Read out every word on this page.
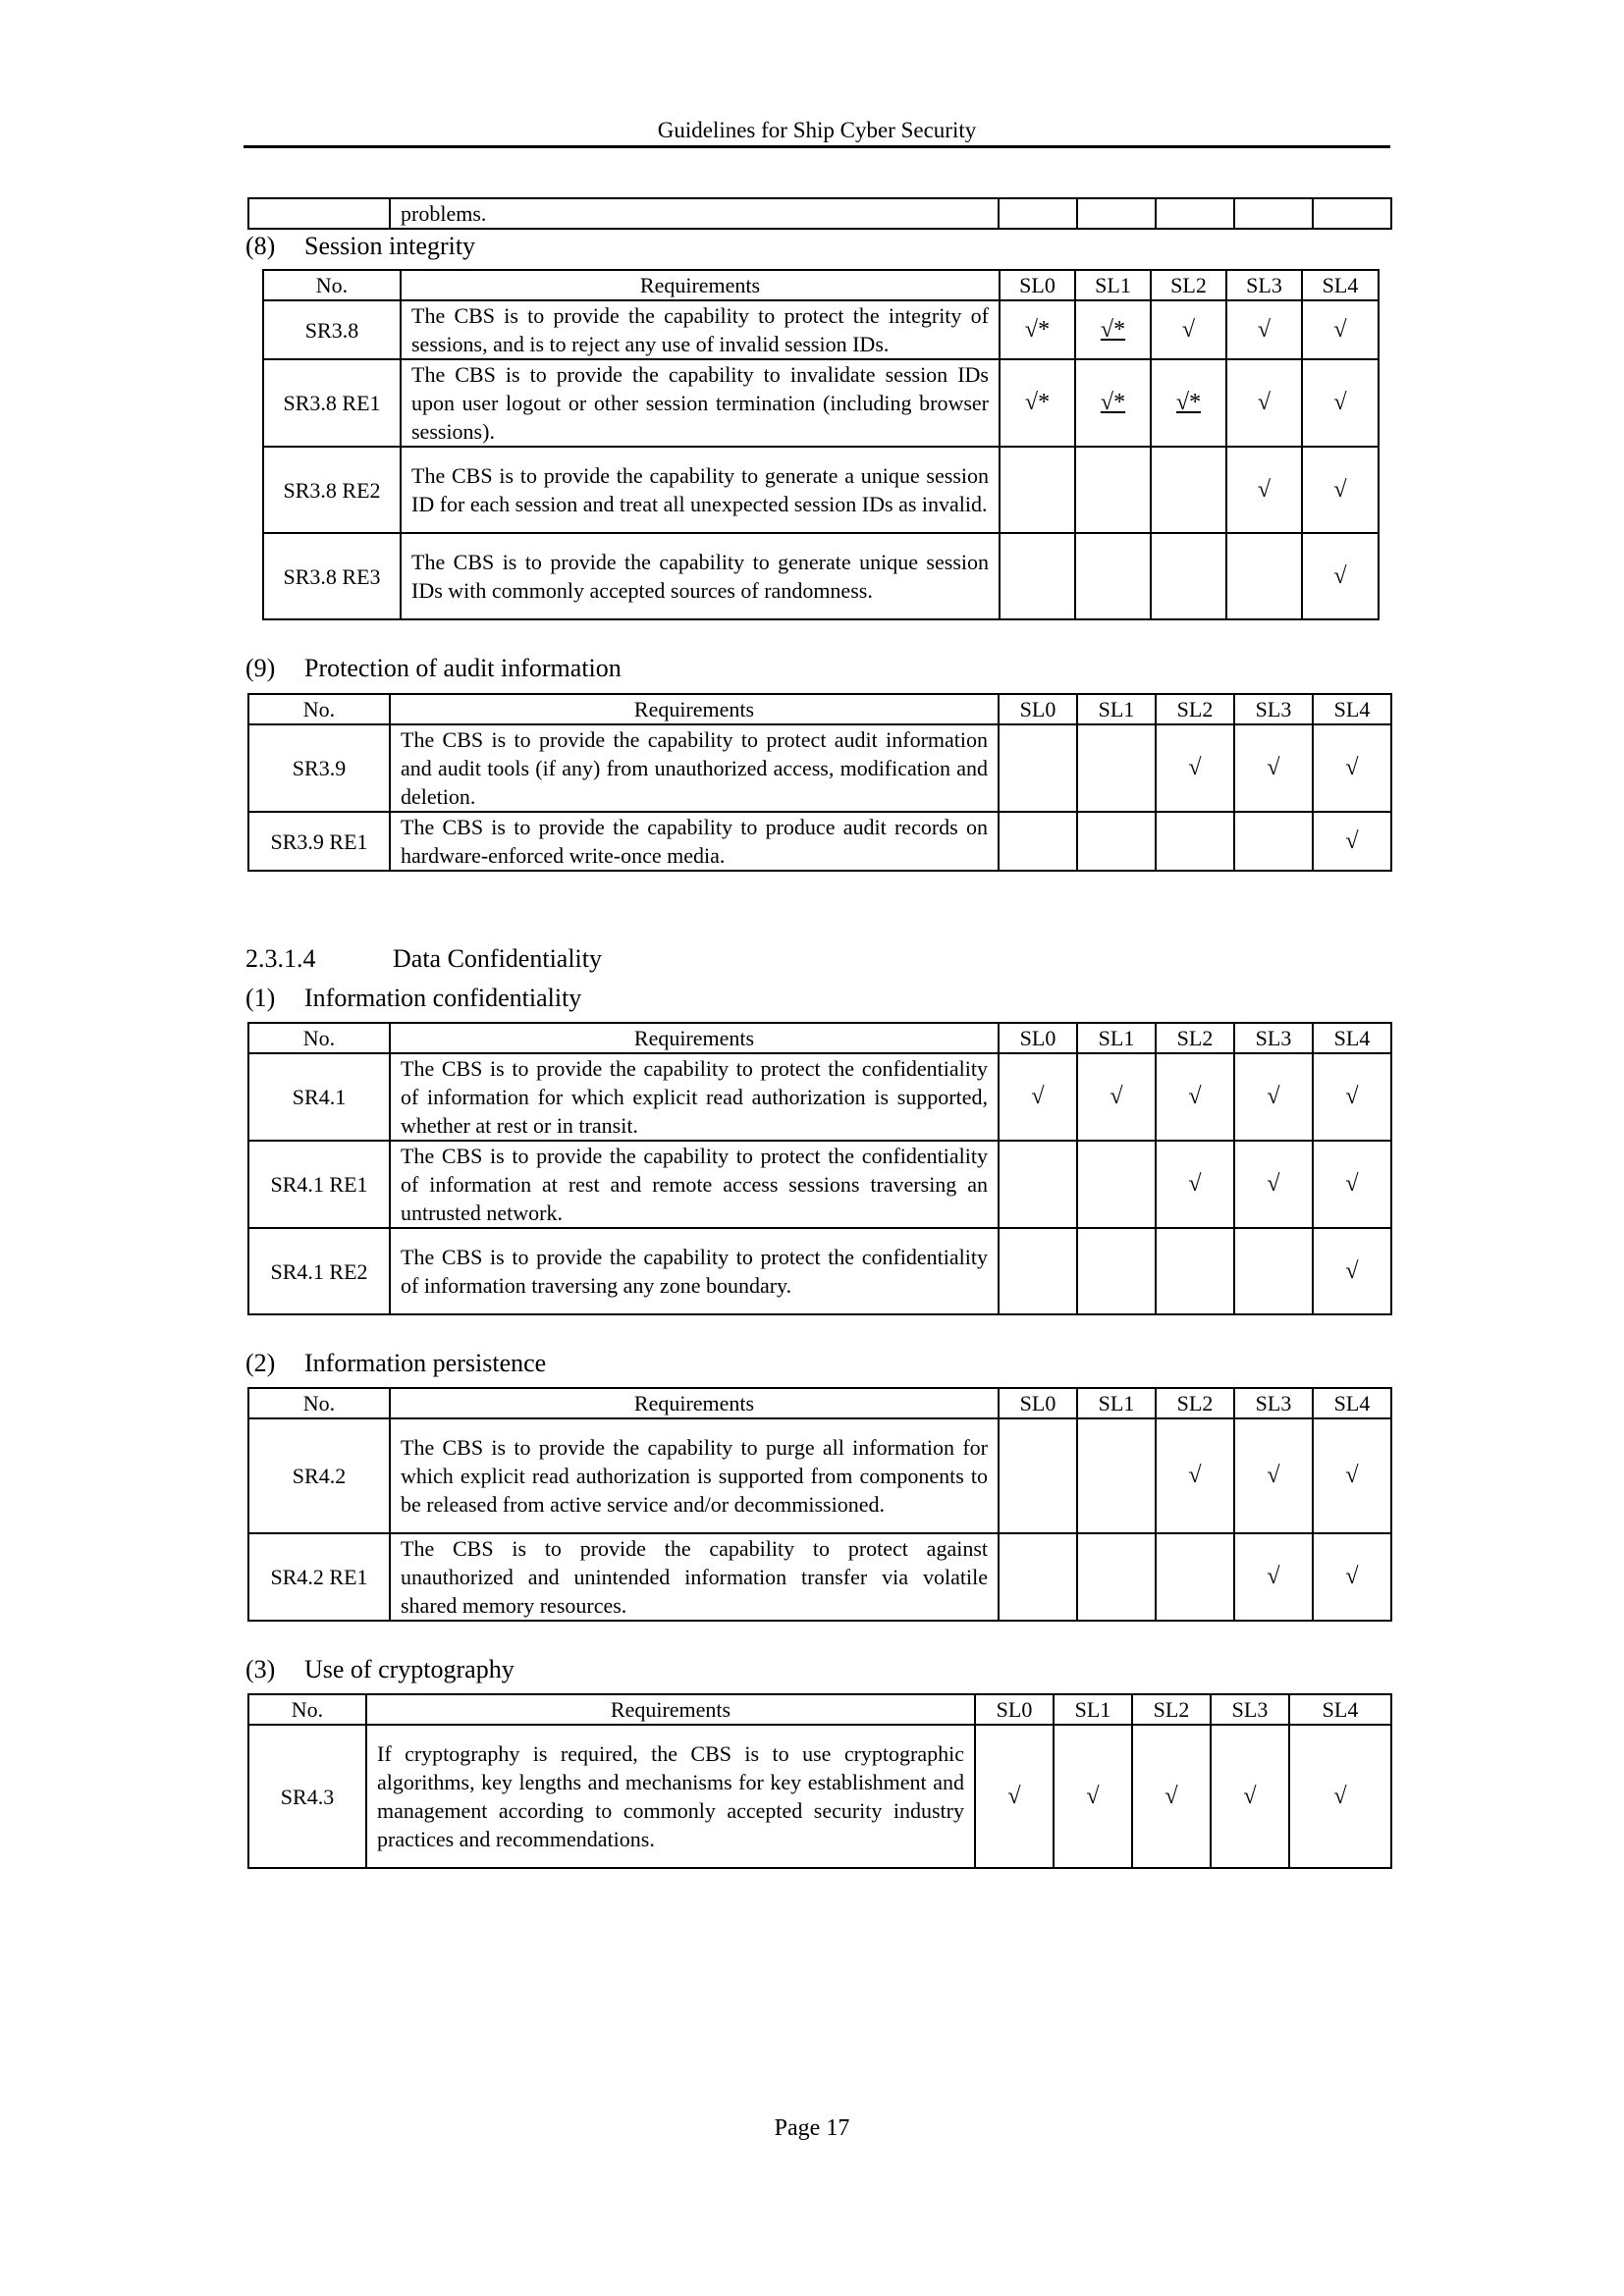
Guidelines for Ship Cyber Security
	problems.					
(8) Session integrity
No.	Requirements	SL0	SL1	SL2	SL3	SL4
SR3.8	The CBS is to provide the capability to protect the integrity of sessions, and is to reject any use of invalid session IDs.	√*	√*	√	√	√
SR3.8 RE1	The CBS is to provide the capability to invalidate session IDs upon user logout or other session termination (including browser sessions).	√*	√*	√*	√	√
SR3.8 RE2	The CBS is to provide the capability to generate a unique session ID for each session and treat all unexpected session IDs as invalid.				√	√
SR3.8 RE3	The CBS is to provide the capability to generate unique session IDs with commonly accepted sources of randomness.					√
(9) Protection of audit information
No.	Requirements	SL0	SL1	SL2	SL3	SL4
SR3.9	The CBS is to provide the capability to protect audit information and audit tools (if any) from unauthorized access, modification and deletion.			√	√	√
SR3.9 RE1	The CBS is to provide the capability to produce audit records on hardware-enforced write-once media.					√
2.3.1.4	Data Confidentiality
(1) Information confidentiality
No.	Requirements	SL0	SL1	SL2	SL3	SL4
SR4.1	The CBS is to provide the capability to protect the confidentiality of information for which explicit read authorization is supported, whether at rest or in transit.	√	√	√	√	√
SR4.1 RE1	The CBS is to provide the capability to protect the confidentiality of information at rest and remote access sessions traversing an untrusted network.			√	√	√
SR4.1 RE2	The CBS is to provide the capability to protect the confidentiality of information traversing any zone boundary.					√
(2) Information persistence
No.	Requirements	SL0	SL1	SL2	SL3	SL4
SR4.2	The CBS is to provide the capability to purge all information for which explicit read authorization is supported from components to be released from active service and/or decommissioned.			√	√	√
SR4.2 RE1	The CBS is to provide the capability to protect against unauthorized and unintended information transfer via volatile shared memory resources.				√	√
(3) Use of cryptography
No.	Requirements	SL0	SL1	SL2	SL3	SL4
SR4.3	If cryptography is required, the CBS is to use cryptographic algorithms, key lengths and mechanisms for key establishment and management according to commonly accepted security industry practices and recommendations.	√	√	√	√	√
Page 17
